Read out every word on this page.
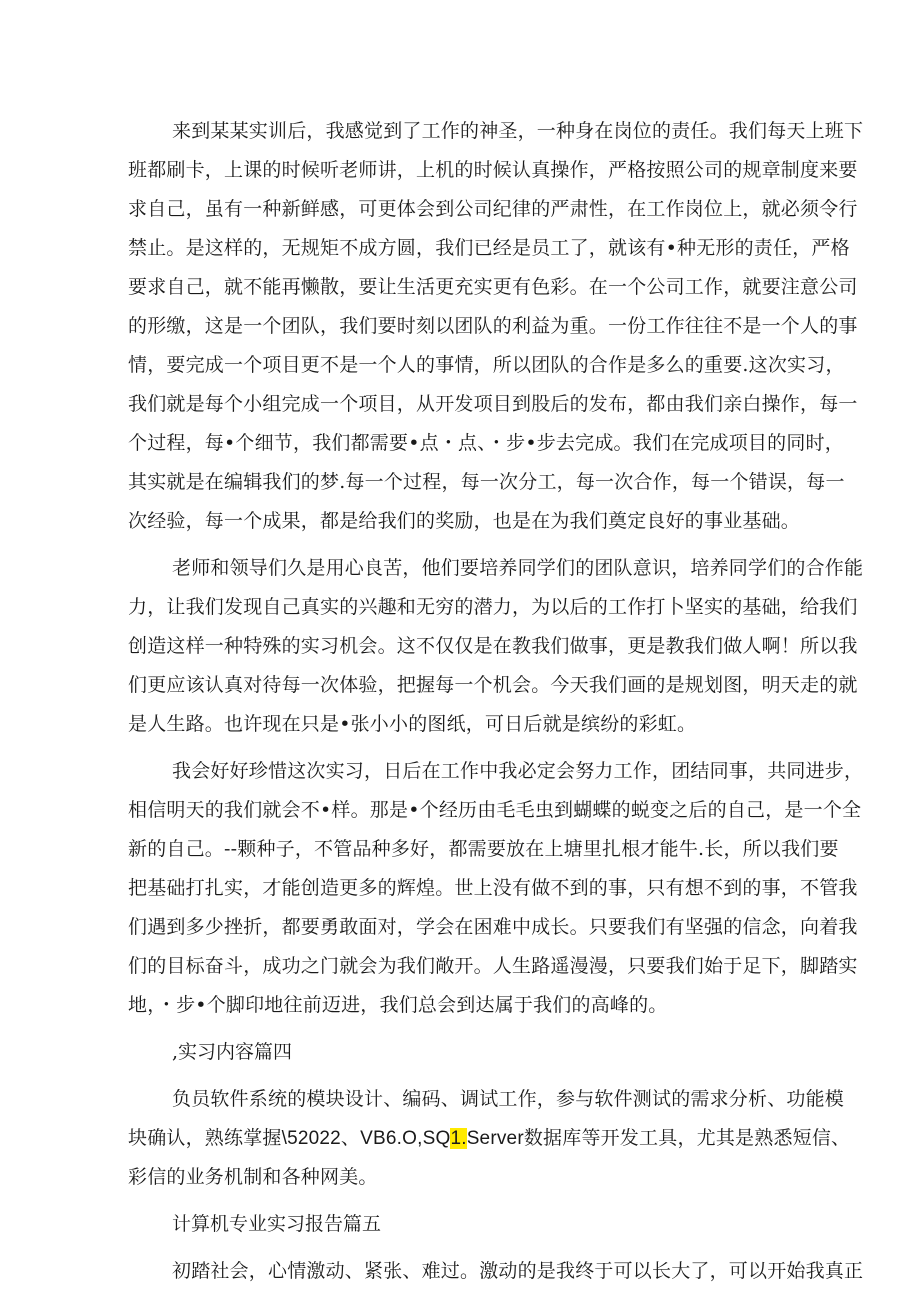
来到某某实训后，我感觉到了工作的神圣，一种身在岗位的责任。我们每天上班下
班都刷卡，上课的时候听老师讲，上机的时候认真操作，严格按照公司的规章制度来要
求自己，虽有一种新鲜感，可更体会到公司纪律的严肃性，在工作岗位上，就必须令行
禁止。是这样的，无规矩不成方圆，我们已经是员工了，就该有•种无形的责任，严格
要求自己，就不能再懒散，要让生活更充实更有色彩。在一个公司工作，就要注意公司
的形缴，这是一个团队，我们要时刻以团队的利益为重。一份工作往往不是一个人的事
情，要完成一个项目更不是一个人的事情，所以团队的合作是多么的重要.这次实习，
我们就是每个小组完成一个项目，从开发项目到股后的发布，都由我们亲白操作，每一
个过程，每•个细节，我们都需要•点・点、・步•步去完成。我们在完成项目的同时，
其实就是在编辑我们的梦.每一个过程，每一次分工，每一次合作，每一个错误，每一
次经验，每一个成果，都是给我们的奖励，也是在为我们奠定良好的事业基础。

老师和领导们久是用心良苦，他们要培养同学们的团队意识，培养同学们的合作能
力，让我们发现自己真实的兴趣和无穷的潜力，为以后的工作打卜坚实的基础，给我们
创造这样一种特殊的实习机会。这不仅仅是在教我们做事，更是教我们做人啊！所以我
们更应该认真对待每一次体验，把握每一个机会。今天我们画的是规划图，明天走的就
是人生路。也许现在只是•张小小的图纸，可日后就是缤纷的彩虹。

我会好好珍惜这次实习，日后在工作中我必定会努力工作，团结同事，共同进步，
相信明天的我们就会不•样。那是•个经历由毛毛虫到蝴蝶的蜕变之后的自己，是一个全
新的自己。--颗种子，不管品种多好，都需要放在上塘里扎根才能牛.长，所以我们要
把基础打扎实，才能创造更多的辉煌。世上没有做不到的事，只有想不到的事，不管我
们遇到多少挫折，都要勇敢面对，学会在困难中成长。只要我们有坚强的信念，向着我
们的目标奋斗，成功之门就会为我们敞开。人生路遥漫漫，只要我们始于足下，脚踏实
地，・步•个脚印地往前迈进，我们总会到达属于我们的高峰的。

,实习内容篇四

负员软件系统的模块设计、编码、调试工作，参与软件测试的需求分析、功能模
块确认，熟练掌握\52022、VB6.O,SQ1.Server数据库等开发工具，尤其是熟悉短信、
彩信的业务机制和各种网美。

计算机专业实习报告篇五

初踏社会，心情激动、紧张、难过。激动的是我终于可以长大了，可以开始我真正
